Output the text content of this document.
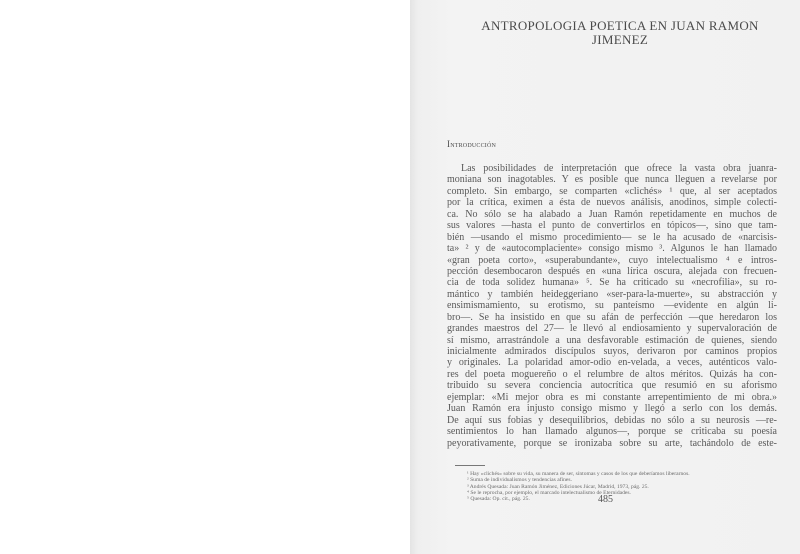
ANTROPOLOGIA POETICA EN JUAN RAMON
JIMENEZ
Introducción
Las posibilidades de interpretación que ofrece la vasta obra juanra-
moniana son inagotables. Y es posible que nunca lleguen a revelarse por
completo. Sin embargo, se comparten «clichés» ¹ que, al ser aceptados
por la crítica, eximen a ésta de nuevos análisis, anodinos, simple colecti-
ca. No sólo se ha alabado a Juan Ramón repetidamente en muchos de
sus valores —hasta el punto de convertirlos en tópicos—, sino que tam-
bién —usando el mismo procedimiento— se le ha acusado de «narcisis-
ta» ² y de «autocomplaciente» consigo mismo ³. Algunos le han llamado
«gran poeta corto», «superabundante», cuyo intelectualismo ⁴ e intros-
pección desembocaron después en «una lírica oscura, alejada con frecuen-
cia de toda solidez humana» ⁵. Se ha criticado su «necrofilia», su ro-
mántico y también heideggeriano «ser-para-la-muerte», su abstracción y
ensimismamiento, su erotismo, su panteísmo —evidente en algún li-
bro—. Se ha insistido en que su afán de perfección —que heredaron los
grandes maestros del 27— le llevó al endiosamiento y supervaloración de
sí mismo, arrastrándole a una desfavorable estimación de quienes, siendo
inicialmente admirados discípulos suyos, derivaron por caminos propios
y originales. La polaridad amor-odio en-velada, a veces, auténticos valo-
res del poeta moguereño o el relumbre de altos méritos. Quizás ha con-
tribuido su severa conciencia autocrítica que resumió en su aforismo
ejemplar: «Mi mejor obra es mi constante arrepentimiento de mi obra.»
Juan Ramón era injusto consigo mismo y llegó a serlo con los demás.
De aquí sus fobias y desequilibrios, debidas no sólo a su neurosis —re-
sentimientos lo han llamado algunos—, porque se criticaba su poesía
peyorativamente, porque se ironizaba sobre su arte, tachándolo de este-
¹ Hay «clichés» sobre su vida, su manera de ser, síntomas y casos de los que deberíamos liberarnos.
² Suma de individualismos y tendencias afines.
³ Andrés Quesada: Juan Ramón Jiménez, Ediciones Júcar, Madrid, 1973, pág. 25.
⁴ Se le reprocha, por ejemplo, el marcado intelectualismo de Eternidades.
⁵ Quesada: Op. cit., pág. 25.	485
